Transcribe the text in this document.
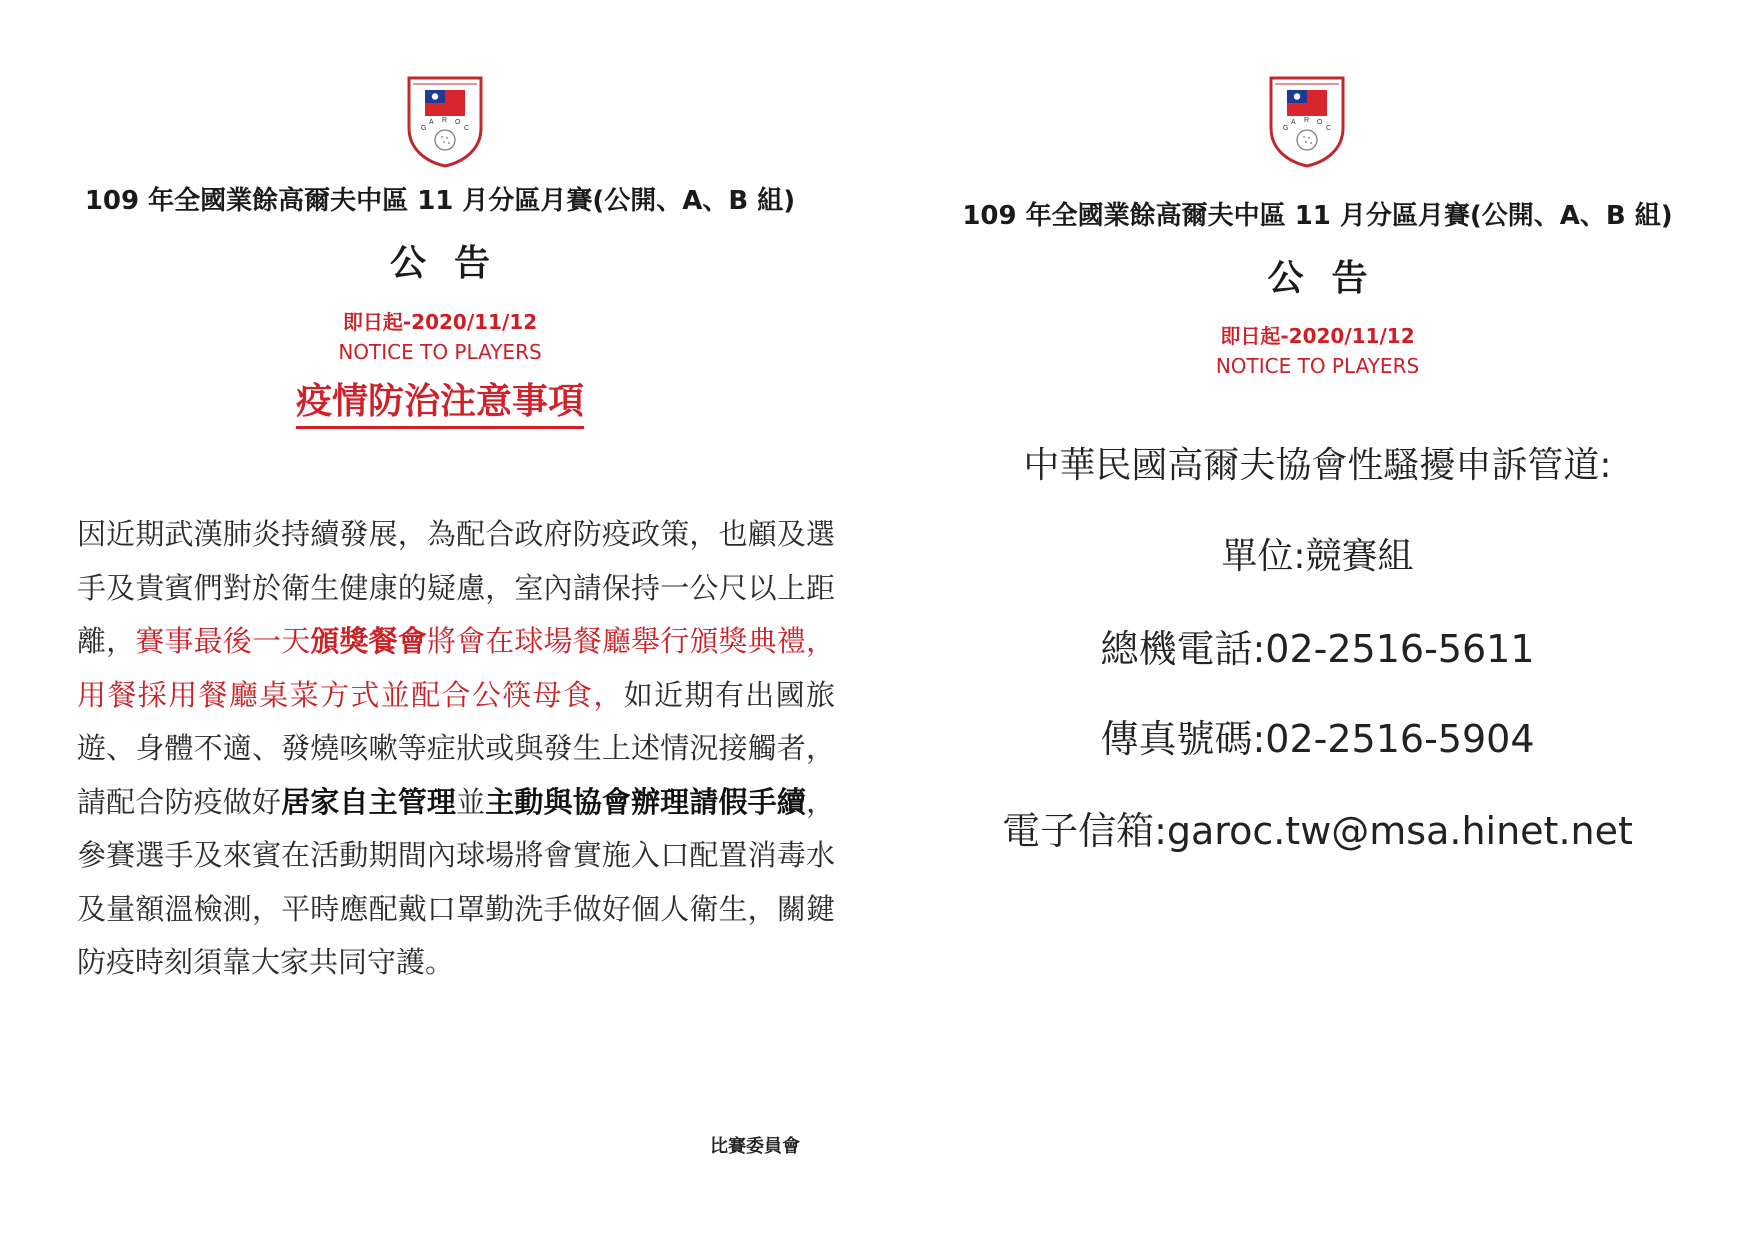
G
A R O
C
109 年全國業餘高爾夫中區 11 月分區月賽(公開、A、B 組)
公告
即日起-2020/11/12
NOTICE TO PLAYERS
疫情防治注意事項
因近期武漢肺炎持續發展，為配合政府防疫政策，也顧及選手及貴賓們對於衛生健康的疑慮，室內請保持一公尺以上距離，賽事最後一天頒獎餐會將會在球場餐廳舉行頒獎典禮，用餐採用餐廳桌菜方式並配合公筷母食，如近期有出國旅遊、身體不適、發燒咳嗽等症狀或與發生上述情況接觸者，請配合防疫做好居家自主管理並主動與協會辦理請假手續，參賽選手及來賓在活動期間內球場將會實施入口配置消毒水及量額溫檢測，平時應配戴口罩勤洗手做好個人衛生，關鍵防疫時刻須靠大家共同守護。
比賽委員會
G
A R O
C
109 年全國業餘高爾夫中區 11 月分區月賽(公開、A、B 組)
公告
即日起-2020/11/12
NOTICE TO PLAYERS
中華民國高爾夫協會性騷擾申訴管道:
單位:競賽組
總機電話:02-2516-5611
傳真號碼:02-2516-5904
電子信箱:garoc.tw@msa.hinet.net
